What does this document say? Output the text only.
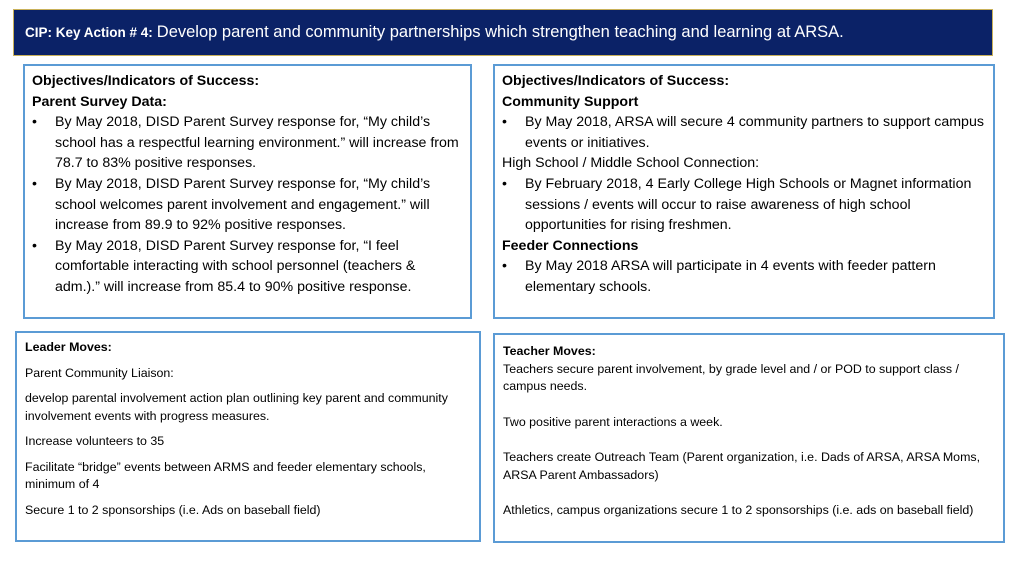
CIP: Key Action # 4: Develop parent and community partnerships which strengthen teaching and learning at ARSA.
Objectives/Indicators of Success:
Parent Survey Data:
• By May 2018, DISD Parent Survey response for, “My child’s school has a respectful learning environment.” will increase from 78.7 to 83% positive responses.
• By May 2018, DISD Parent Survey response for, “My child’s school welcomes parent involvement and engagement.” will increase from 89.9 to 92% positive responses.
• By May 2018, DISD Parent Survey response for, “I feel comfortable interacting with school personnel (teachers & adm.).” will increase from 85.4 to 90% positive response.
Objectives/Indicators of Success:
Community Support
• By May 2018, ARSA will secure 4 community partners to support campus events or initiatives.
High School / Middle School Connection:
• By February 2018, 4 Early College High Schools or Magnet information sessions / events will occur to raise awareness of high school opportunities for rising freshmen.
Feeder Connections
• By May 2018 ARSA will participate in 4 events with feeder pattern elementary schools.

Leader Moves:

Parent Community Liaison:

develop parental involvement action plan outlining key parent and community involvement events with progress measures.

Increase volunteers to 35

Facilitate “bridge” events between ARMS and feeder elementary schools, minimum of 4

Secure 1 to 2 sponsorships (i.e. Ads on baseball field)

Teacher Moves:

Teachers secure parent involvement, by grade level and / or POD to support class / campus needs.

Two positive parent interactions a week.

Teachers create Outreach Team (Parent organization, i.e. Dads of ARSA, ARSA Moms, ARSA Parent Ambassadors)

Athletics, campus organizations secure 1 to 2 sponsorships (i.e. ads on baseball field)
